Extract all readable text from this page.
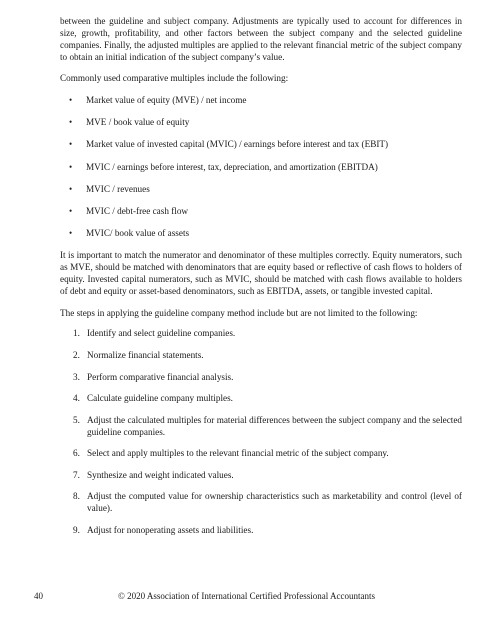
between the guideline and subject company. Adjustments are typically used to account for differences in size, growth, profitability, and other factors between the subject company and the selected guideline companies. Finally, the adjusted multiples are applied to the relevant financial metric of the subject company to obtain an initial indication of the subject company’s value.

Commonly used comparative multiples include the following:

• Market value of equity (MVE) / net income
• MVE / book value of equity
• Market value of invested capital (MVIC) / earnings before interest and tax (EBIT)
• MVIC / earnings before interest, tax, depreciation, and amortization (EBITDA)
• MVIC / revenues
• MVIC / debt-free cash flow
• MVIC/ book value of assets

It is important to match the numerator and denominator of these multiples correctly. Equity numerators, such as MVE, should be matched with denominators that are equity based or reflective of cash flows to holders of equity. Invested capital numerators, such as MVIC, should be matched with cash flows available to holders of debt and equity or asset-based denominators, such as EBITDA, assets, or tangible invested capital.

The steps in applying the guideline company method include but are not limited to the following:

1. Identify and select guideline companies.
2. Normalize financial statements.
3. Perform comparative financial analysis.
4. Calculate guideline company multiples.
5. Adjust the calculated multiples for material differences between the subject company and the selected guideline companies.
6. Select and apply multiples to the relevant financial metric of the subject company.
7. Synthesize and weight indicated values.
8. Adjust the computed value for ownership characteristics such as marketability and control (level of value).
9. Adjust for nonoperating assets and liabilities.
40	© 2020 Association of International Certified Professional Accountants
